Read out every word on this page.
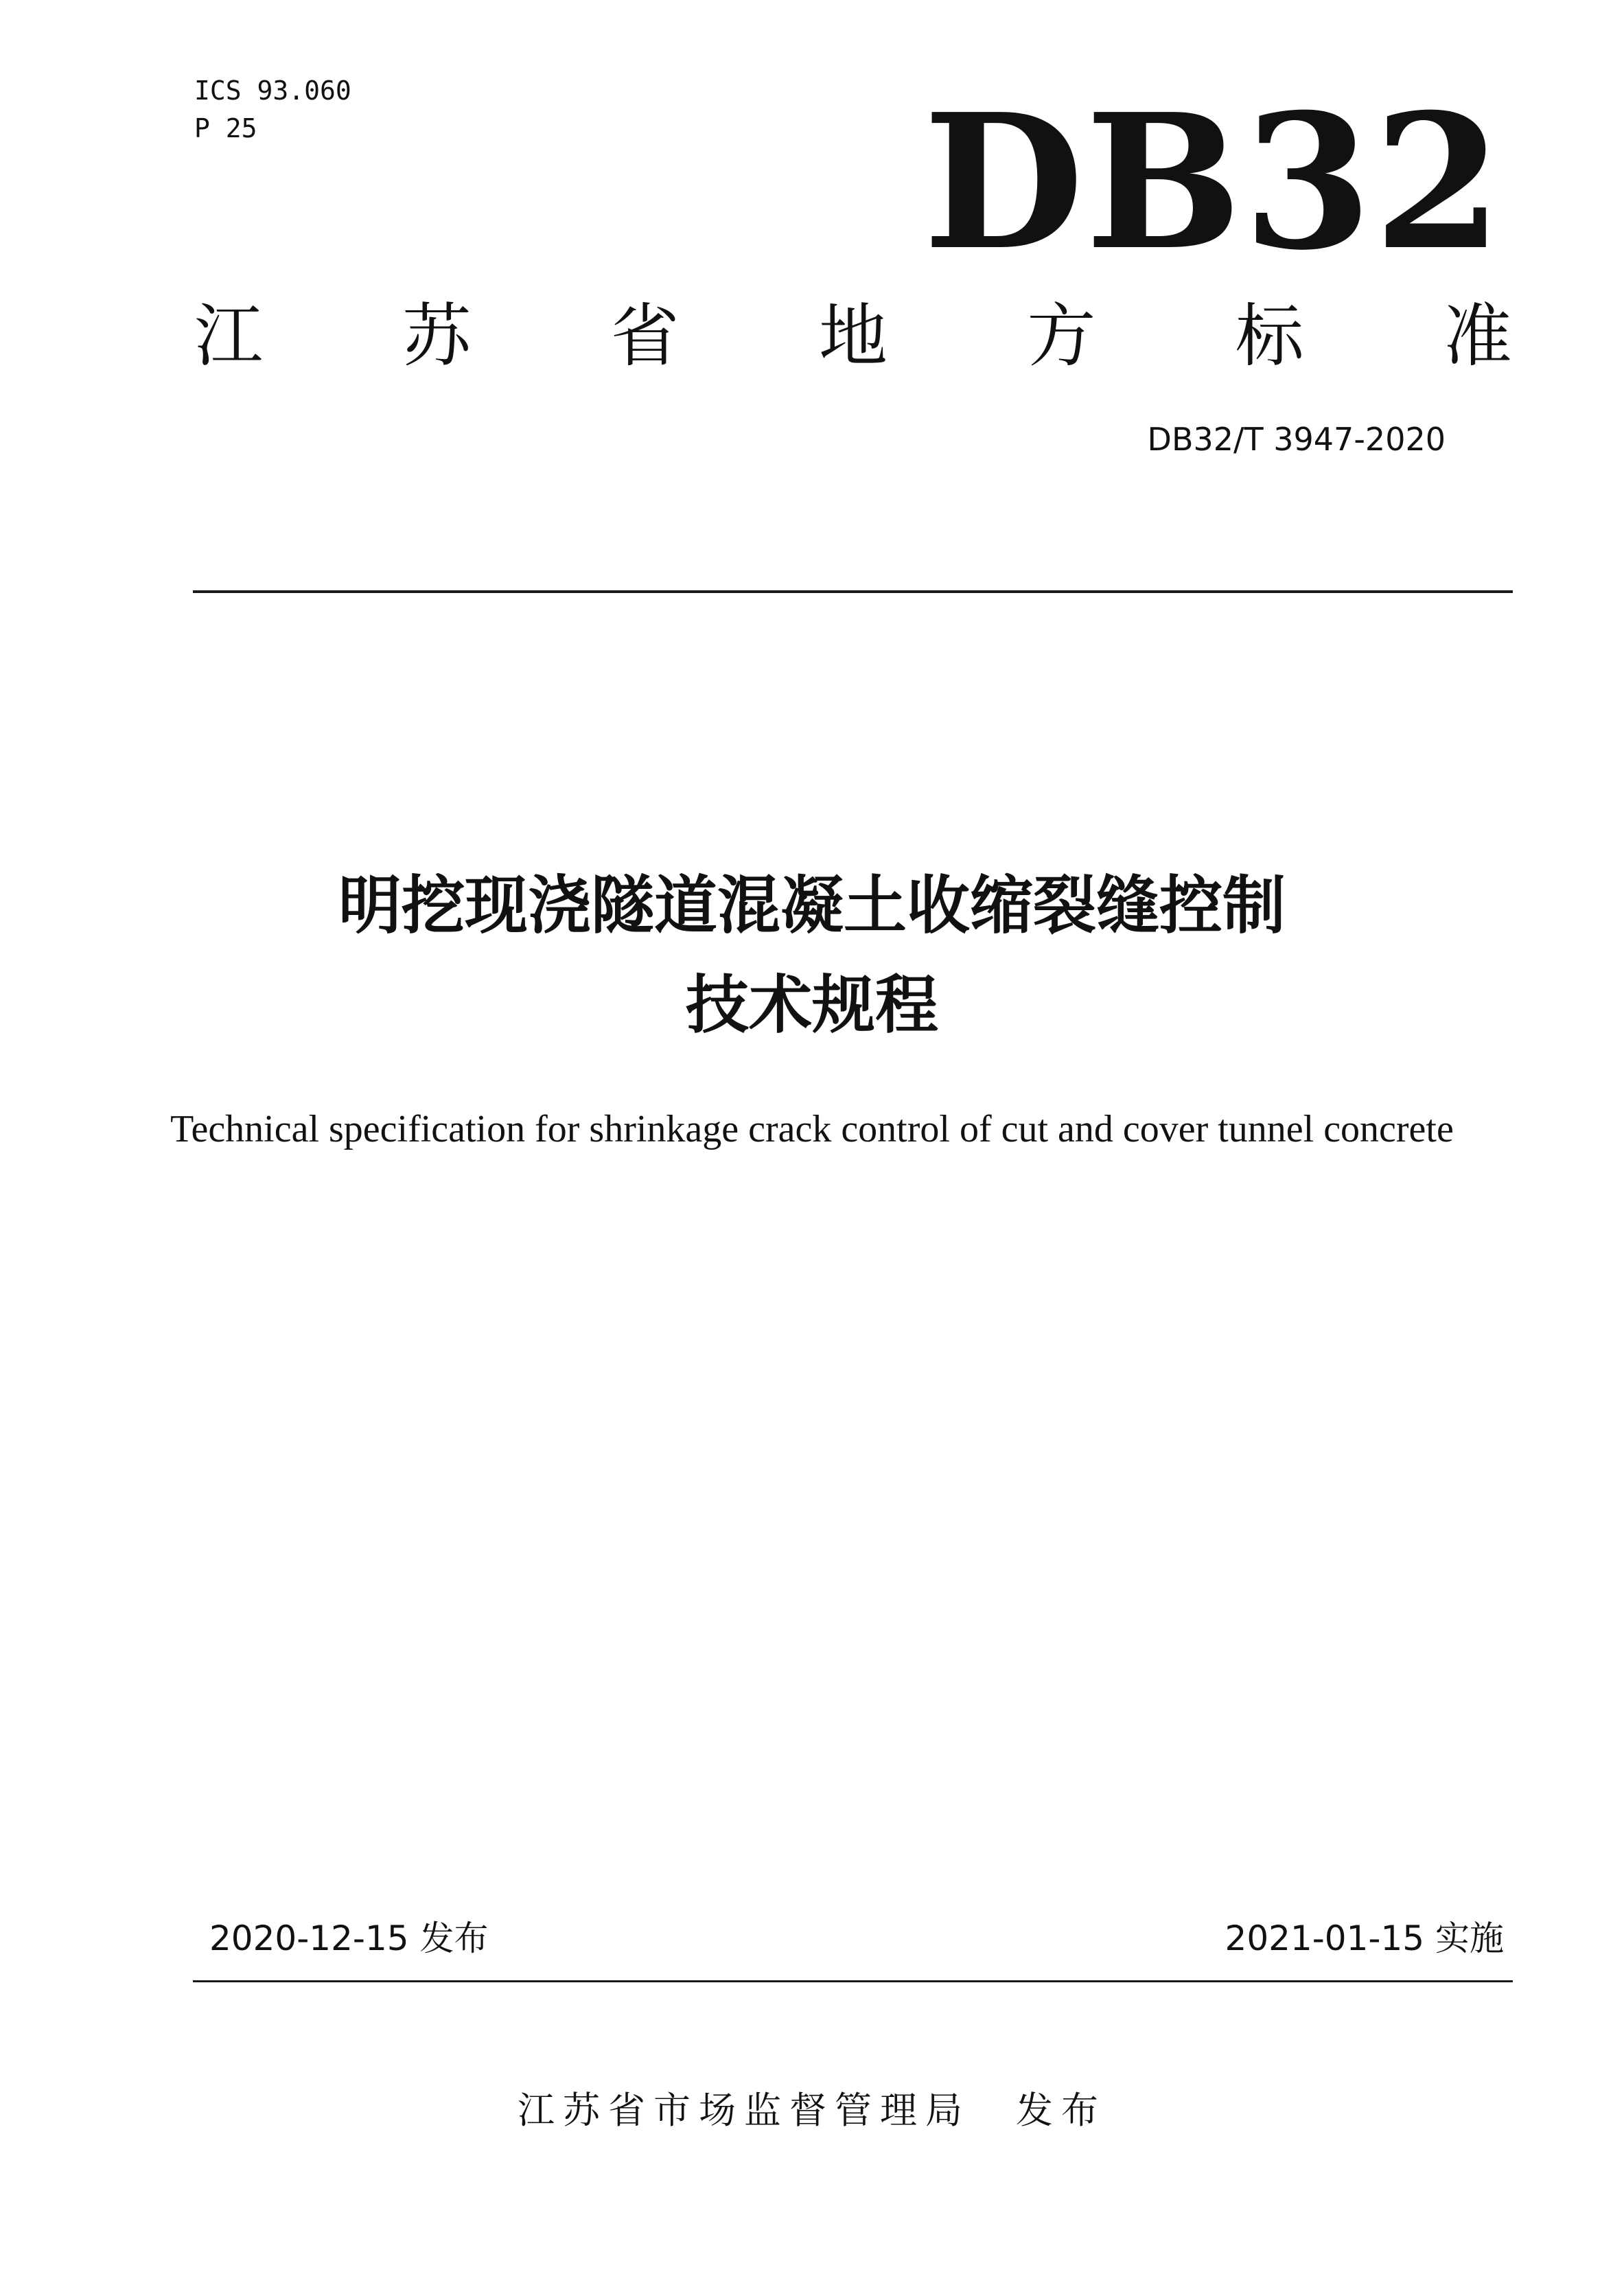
ICS 93.060
P 25	DB32
江 苏 省 地 方 标 准
DB32/T 3947-2020
明挖现浇隧道混凝土收缩裂缝控制
技术规程
Technical specification for shrinkage crack control of cut and cover tunnel concrete
2020-12-15 发布	2021-01-15 实施
江苏省市场监督管理局　发布
